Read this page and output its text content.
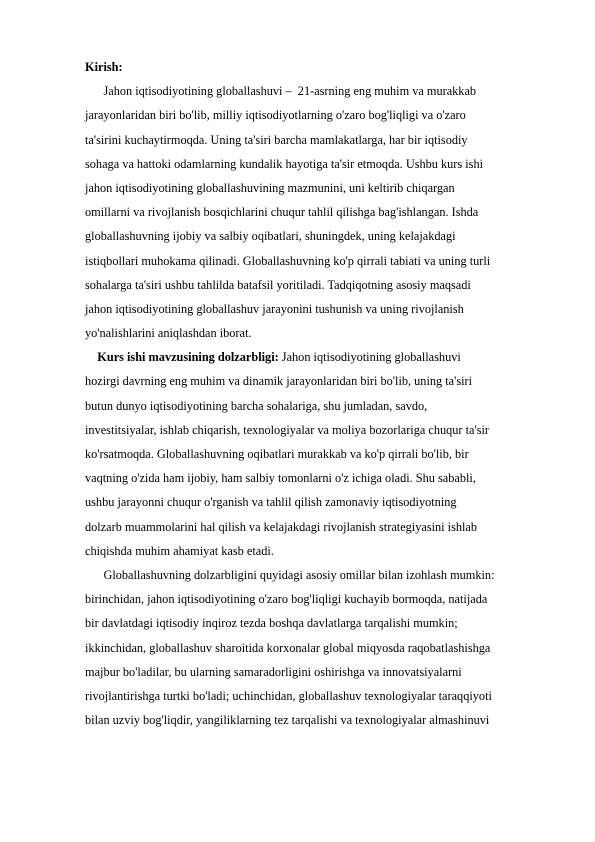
Kirish:
Jahon iqtisodiyotining globallashuvi –  21-asrning eng muhim va murakkab
jarayonlaridan biri bo'lib, milliy iqtisodiyotlarning o'zaro bog'liqligi va o'zaro
ta'sirini kuchaytirmoqda. Uning ta'siri barcha mamlakatlarga, har bir iqtisodiy
sohaga va hattoki odamlarning kundalik hayotiga ta'sir etmoqda. Ushbu kurs ishi
jahon iqtisodiyotining globallashuvining mazmunini, uni keltirib chiqargan
omillarni va rivojlanish bosqichlarini chuqur tahlil qilishga bag'ishlangan. Ishda
globallashuvning ijobiy va salbiy oqibatlari, shuningdek, uning kelajakdagi
istiqbollari muhokama qilinadi. Globallashuvning ko'p qirrali tabiati va uning turli
sohalarga ta'siri ushbu tahlilda batafsil yoritiladi. Tadqiqotning asosiy maqsadi
jahon iqtisodiyotining globallashuv jarayonini tushunish va uning rivojlanish
yo'nalishlarini aniqlashdan iborat.
Kurs ishi mavzusining dolzarbligi: Jahon iqtisodiyotining globallashuvi
hozirgi davrning eng muhim va dinamik jarayonlaridan biri bo'lib, uning ta'siri
butun dunyo iqtisodiyotining barcha sohalariga, shu jumladan, savdo,
investitsiyalar, ishlab chiqarish, texnologiyalar va moliya bozorlariga chuqur ta'sir
ko'rsatmoqda. Globallashuvning oqibatlari murakkab va ko'p qirrali bo'lib, bir
vaqtning o'zida ham ijobiy, ham salbiy tomonlarni o'z ichiga oladi. Shu sababli,
ushbu jarayonni chuqur o'rganish va tahlil qilish zamonaviy iqtisodiyotning
dolzarb muammolarini hal qilish va kelajakdagi rivojlanish strategiyasini ishlab
chiqishda muhim ahamiyat kasb etadi.
Globallashuvning dolzarbligini quyidagi asosiy omillar bilan izohlash mumkin:
birinchidan, jahon iqtisodiyotining o'zaro bog'liqligi kuchayib bormoqda, natijada
bir davlatdagi iqtisodiy inqiroz tezda boshqa davlatlarga tarqalishi mumkin;
ikkinchidan, globallashuv sharoitida korxonalar global miqyosda raqobatlashishga
majbur bo'ladilar, bu ularning samaradorligini oshirishga va innovatsiyalarni
rivojlantirishga turtki bo'ladi; uchinchidan, globallashuv texnologiyalar taraqqiyoti
bilan uzviy bog'liqdir, yangiliklarning tez tarqalishi va texnologiyalar almashinuvi
